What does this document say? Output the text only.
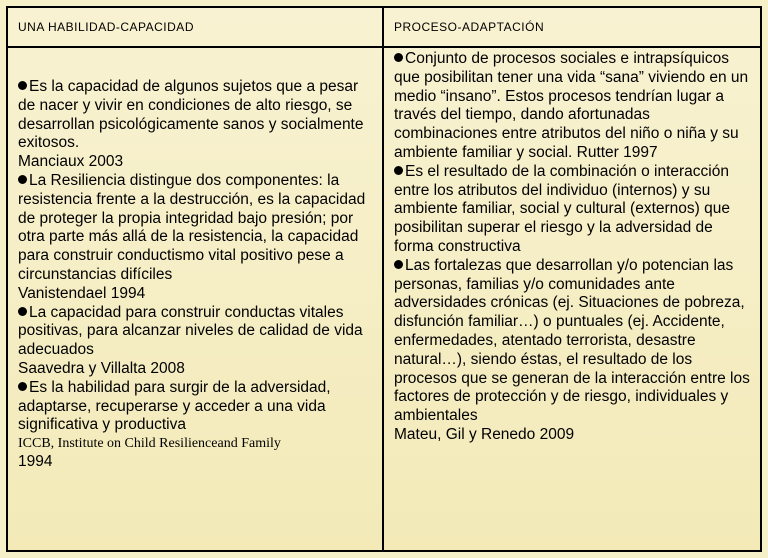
UNA HABILIDAD-CAPACIDAD	PROCESO-ADAPTACIÓN

Es la capacidad de algunos sujetos que a pesar de nacer y vivir en condiciones de alto riesgo, se desarrollan psicológicamente sanos y socialmente exitosos.

Manciaux 2003

La Resiliencia distingue dos componentes: la resistencia frente a la destrucción, es la capacidad de proteger la propia integridad bajo presión; por otra parte más allá de la resistencia, la capacidad para construir conductismo vital positivo pese a circunstancias difíciles

Vanistendael 1994

La capacidad para construir conductas vitales positivas, para alcanzar niveles de calidad de vida adecuados

Saavedra y Villalta 2008

Es la habilidad para surgir de la adversidad, adaptarse, recuperarse y acceder a una vida significativa y productiva

ICCB, Institute on Child Resilienceand Family

1994

Conjunto de procesos sociales e intrapsíquicos que posibilitan tener una vida “sana” viviendo en un medio “insano”. Estos procesos tendrían lugar a través del tiempo, dando afortunadas combinaciones entre atributos del niño o niña y su ambiente familiar y social. Rutter 1997

Es el resultado de la combinación o interacción entre los atributos del individuo (internos) y su ambiente familiar, social y cultural (externos) que posibilitan superar el riesgo y la adversidad de forma constructiva

Las fortalezas que desarrollan y/o potencian las personas, familias y/o comunidades ante adversidades crónicas (ej. Situaciones de pobreza, disfunción familiar…) o puntuales (ej. Accidente, enfermedades, atentado terrorista, desastre natural…), siendo éstas, el resultado de los procesos que se generan de la interacción entre los factores de protección y de riesgo, individuales y ambientales

Mateu, Gil y Renedo 2009
